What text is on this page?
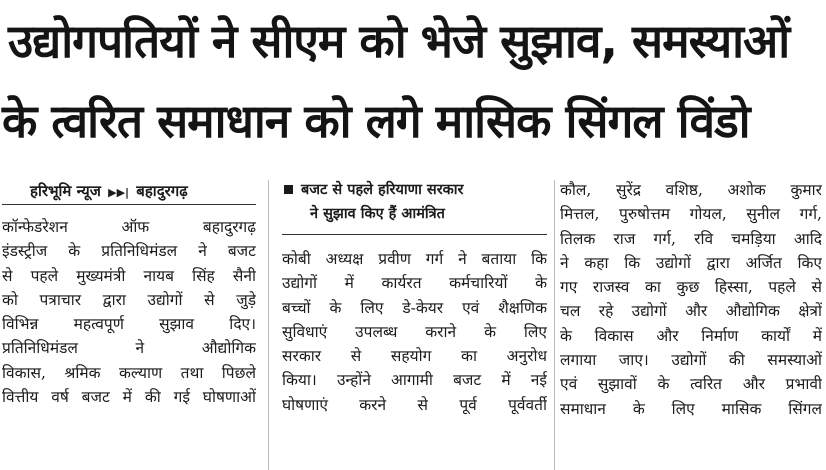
उद्योगपतियों ने सीएम को भेजे सुझाव, समस्याओं
के त्वरित समाधान को लगे मासिक सिंगल विंडो
हरिभूमि न्यूज ▶▶| बहादुरगढ़

कॉन्फेडरेशन ऑफ बहादुरगढ़

इंडस्ट्रीज के प्रतिनिधिमंडल ने बजट

से पहले मुख्यमंत्री नायब सिंह सैनी

को पत्राचार द्वारा उद्योगों से जुड़े

विभिन्न महत्वपूर्ण सुझाव दिए।

प्रतिनिधिमंडल ने औद्योगिक

विकास, श्रमिक कल्याण तथा पिछले

वित्तीय वर्ष बजट में की गई घोषणाओं

बजट से पहले हरियाणा सरकार
ने सुझाव किए हैं आमंत्रित

कोबी अध्यक्ष प्रवीण गर्ग ने बताया कि

उद्योगों में कार्यरत कर्मचारियों के

बच्चों के लिए डे-केयर एवं शैक्षणिक

सुविधाएं उपलब्ध कराने के लिए

सरकार से सहयोग का अनुरोध

किया। उन्होंने आगामी बजट में नई

घोषणाएं करने से पूर्व पूर्ववर्ती

कौल, सुरेंद्र वशिष्ठ, अशोक कुमार

मित्तल, पुरुषोत्तम गोयल, सुनील गर्ग,

तिलक राज गर्ग, रवि चमड़िया आदि

ने कहा कि उद्योगों द्वारा अर्जित किए

गए राजस्व का कुछ हिस्सा, पहले से

चल रहे उद्योगों और औद्योगिक क्षेत्रों

के विकास और निर्माण कार्यों में

लगाया जाए। उद्योगों की समस्याओं

एवं सुझावों के त्वरित और प्रभावी

समाधान के लिए मासिक सिंगल
